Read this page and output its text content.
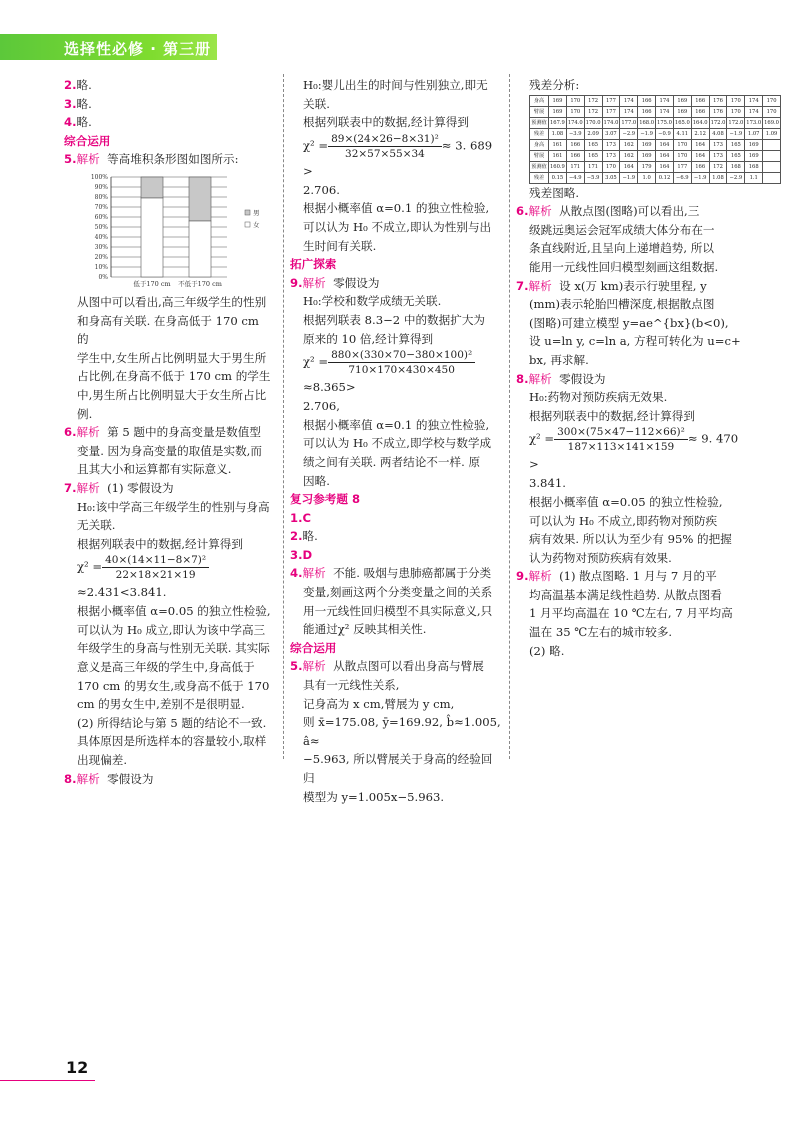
选择性必修 · 第三册

2.略.

3.略.

4.略.

综合运用

5.解析 等高堆积条形图如图所示:

100%
90%
80%
70%
60%
50%
40%
30%
20%
10%
0%
低于170 cm 不低于170 cm
男
女

从图中可以看出,高三年级学生的性别

和身高有关联. 在身高低于 170 cm 的

学生中,女生所占比例明显大于男生所

占比例,在身高不低于 170 cm 的学生

中,男生所占比例明显大于女生所占比

例.

6.解析 第 5 题中的身高变量是数值型

变量. 因为身高变量的取值是实数,而

且其大小和运算都有实际意义.

7.解析 (1) 零假设为

H₀:该中学高三年级学生的性别与身高

无关联.

根据列联表中的数据,经计算得到

$\chi^2 = \frac{\text{40×(14×11−8×7)²}}{22\times 18\times 21\times 19}$
≈2.431<3.841.

根据小概率值 α=0.05 的独立性检验,

可以认为 H₀ 成立,即认为该中学高三

年级学生的身高与性别无关联. 其实际

意义是高三年级的学生中,身高低于

170 cm 的男女生,或身高不低于 170

cm 的男女生中,差别不是很明显.

(2) 所得结论与第 5 题的结论不一致.

具体原因是所选样本的容量较小,取样

出现偏差.

8.解析 零假设为

H₀:婴儿出生的时间与性别独立,即无

关联.

根据列联表中的数据,经计算得到

$\chi^2 = \frac{\text{89×(24×26−8×31)²}}{32\times 57\times 55\times 34} \approx 3$. 689 >

2.706.

根据小概率值 α=0.1 的独立性检验,

可以认为 H₀ 不成立,即认为性别与出

生时间有关联.

拓广探索

9.解析 零假设为

H₀:学校和数学成绩无关联.

根据列联表 8.3−2 中的数据扩大为

原来的 10 倍,经计算得到

$\chi^2 = \frac{\text{880×(330×70−380×100)²}}{710\times 170\times 430\times 450}$
≈8.365>

2.706,

根据小概率值 α=0.1 的独立性检验,

可以认为 H₀ 不成立,即学校与数学成

绩之间有关联. 两者结论不一样. 原

因略.

复习参考题 8

1.C

2.略.

3.D

4.解析 不能. 吸烟与患肺癌都属于分类

变量,刻画这两个分类变量之间的关系

用一元线性回归模型不具实际意义,只

能通过χ² 反映其相关性.

综合运用

5.解析 从散点图可以看出身高与臂展

具有一元线性关系,

记身高为 x cm,臂展为 y cm,

则 x̄=175.08, ȳ=169.92, b̂≈1.005, â≈

−5.963, 所以臂展关于身高的经验回归

模型为 y=1.005x−5.963.

残差分析:

身高	169	170	172	177	174	166	174	169	166	176	170	174	170
臂展	169	170	172	177	174	166	174	169	166	176	170	174	170
预测值	167.9	174.0	170.0	174.0	177.0	168.0	175.0	165.0	164.0	172.0	172.0	173.0	169.0
残差	1.08	−3.9	2.09	3.07	−2.9	−1.9	−0.9	4.11	2.12	4.08	−1.9	1.07	1.09
身高	161	166	165	173	162	169	164	170	164	173	165	169	
臂展	161	166	165	173	162	169	164	170	164	173	165	169	
预测值	160.9	171	171	170	164	179	164	177	166	172	168	168	
残差	0.15	−4.9	−5.9	3.05	−1.9	1.0	0.12	−6.9	−1.9	1.08	−2.9	1.1	

残差图略.

6.解析 从散点图(图略)可以看出,三

级跳远奥运会冠军成绩大体分布在一

条直线附近,且呈向上递增趋势, 所以

能用一元线性回归模型刻画这组数据.

7.解析 设 x(万 km)表示行驶里程, y

(mm)表示轮胎凹槽深度,根据散点图

(图略)可建立模型 y=ae^{bx}(b<0),

设 u=ln y, c=ln a, 方程可转化为 u=c+

bx, 再求解.

8.解析 零假设为

H₀:药物对预防疾病无效果.

根据列联表中的数据,经计算得到

$\chi^2 = \frac{\text{300×(75×47−112×66)²}}{187\times 113\times 141\times 159} \approx 9$. 470 >

3.841.

根据小概率值 α=0.05 的独立性检验,

可以认为 H₀ 不成立,即药物对预防疾

病有效果. 所以认为至少有 95% 的把握

认为药物对预防疾病有效果.

9.解析 (1) 散点图略. 1 月与 7 月的平

均高温基本满足线性趋势. 从散点图看

1 月平均高温在 10 ℃左右, 7 月平均高

温在 35 ℃左右的城市较多.

(2) 略.

12
